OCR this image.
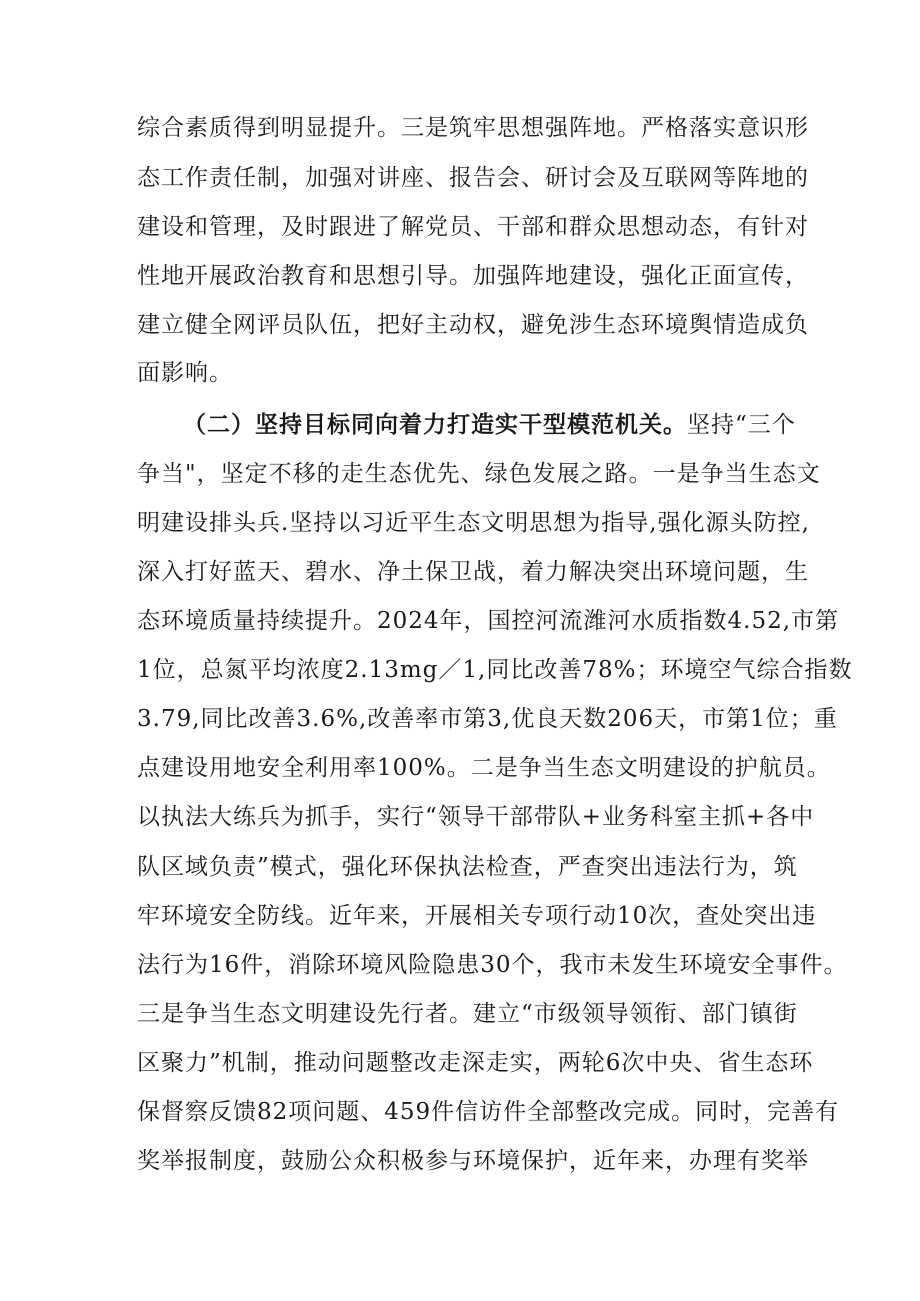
综合素质得到明显提升。三是筑牢思想强阵地。严格落实意识形
态工作责任制，加强对讲座、报告会、研讨会及互联网等阵地的
建设和管理，及时跟进了解党员、干部和群众思想动态，有针对
性地开展政治教育和思想引导。加强阵地建设，强化正面宣传，
建立健全网评员队伍，把好主动权，避免涉生态环境舆情造成负
面影响。
（二）坚持目标同向着力打造实干型模范机关。坚持“三个
争当"，坚定不移的走生态优先、绿色发展之路。一是争当生态文
明建设排头兵.坚持以习近平生态文明思想为指导,强化源头防控,
深入打好蓝天、碧水、净土保卫战，着力解决突出环境问题，生
态环境质量持续提升。2024年，国控河流潍河水质指数4.52,市第
1位，总氮平均浓度2.13mg／1,同比改善78%；环境空气综合指数
3.79,同比改善3.6%,改善率市第3,优良天数206天，市第1位；重
点建设用地安全利用率100%。二是争当生态文明建设的护航员。
以执法大练兵为抓手，实行“领导干部带队+业务科室主抓+各中
队区域负责”模式，强化环保执法检查，严查突出违法行为，筑
牢环境安全防线。近年来，开展相关专项行动10次，查处突出违
法行为16件，消除环境风险隐患30个，我市未发生环境安全事件。
三是争当生态文明建设先行者。建立“市级领导领衔、部门镇街
区聚力”机制，推动问题整改走深走实，两轮6次中央、省生态环
保督察反馈82项问题、459件信访件全部整改完成。同时，完善有
奖举报制度，鼓励公众积极参与环境保护，近年来，办理有奖举
